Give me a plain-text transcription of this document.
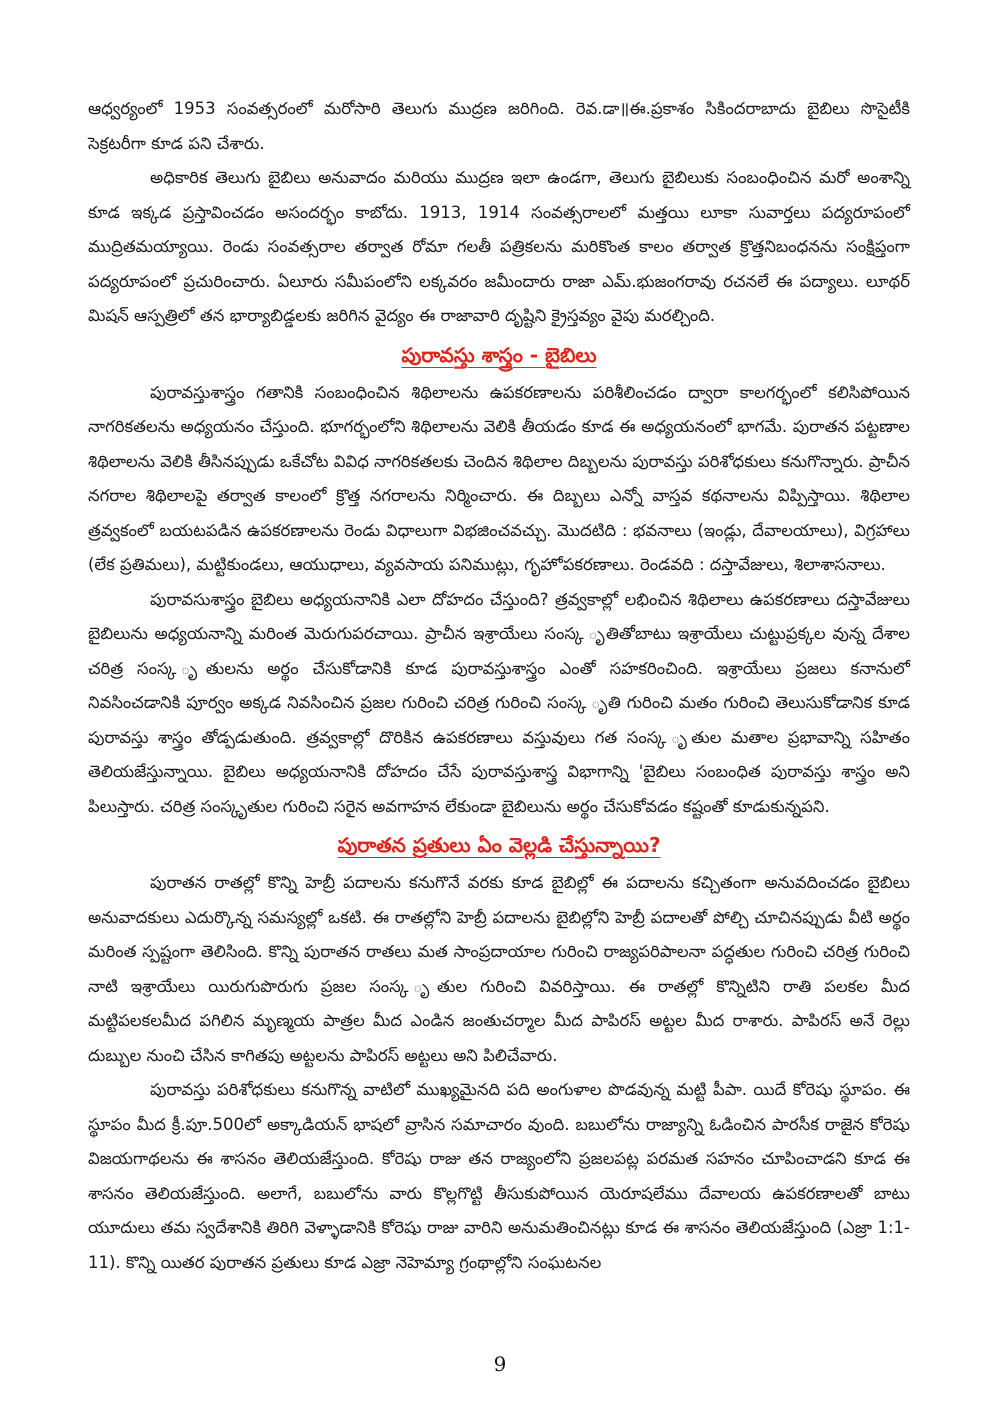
ఆధ్వర్యంలో 1953 సంవత్సరంలో మరోసారి తెలుగు ముద్రణ జరిగింది. రెవ.డా॥ఈ.ప్రకాశం సికిందరాబాదు బైబిలు సొసైటీకి సెక్రటరీగా కూడ పని చేశారు.

అధికారిక తెలుగు బైబిలు అనువాదం మరియు ముద్రణ ఇలా ఉండగా, తెలుగు బైబిలుకు సంబంధించిన మరో అంశాన్ని కూడ ఇక్కడ ప్రస్తావించడం అసందర్భం కాబోదు. 1913, 1914 సంవత్సరాలలో మత్తయి లూకా సువార్తలు పద్యరూపంలో ముద్రితమయ్యాయి. రెండు సంవత్సరాల తర్వాత రోమా గలతీ పత్రికలను మరికొంత కాలం తర్వాత క్రొత్తనిబంధనను సంక్షిప్తంగా పద్యరూపంలో ప్రచురించారు. ఏలూరు సమీపంలోని లక్కవరం జమీందారు రాజా ఎమ్.భుజంగరావు రచనలే ఈ పద్యాలు. లూథర్ మిషన్ ఆస్పత్రిలో తన భార్యాబిడ్డలకు జరిగిన వైద్యం ఈ రాజావారి దృష్టిని క్రైస్తవ్యం వైపు మరల్చింది.

పురావస్తు శాస్త్రం - బైబిలు

పురావస్తుశాస్త్రం గతానికి సంబంధించిన శిథిలాలను ఉపకరణాలను పరిశీలించడం ద్వారా కాలగర్భంలో కలిసిపోయిన నాగరికతలను అధ్యయనం చేస్తుంది. భూగర్భంలోని శిథిలాలను వెలికి తీయడం కూడ ఈ అధ్యయనంలో భాగమే. పురాతన పట్టణాల శిథిలాలను వెలికి తీసినప్పుడు ఒకేచోట వివిధ నాగరికతలకు చెందిన శిథిలాల దిబ్బలను పురావస్తు పరిశోధకులు కనుగొన్నారు. ప్రాచీన నగరాల శిథిలాలపై తర్వాత కాలంలో క్రొత్త నగరాలను నిర్మించారు. ఈ దిబ్బలు ఎన్నో వాస్తవ కథనాలను విప్పిస్తాయి. శిథిలాల త్రవ్వకంలో బయటపడిన ఉపకరణాలను రెండు విధాలుగా విభజించవచ్చు. మొదటిది : భవనాలు (ఇండ్లు, దేవాలయాలు), విగ్రహాలు (లేక ప్రతిమలు), మట్టికుండలు, ఆయుధాలు, వ్యవసాయ పనిముట్లు, గృహోపకరణాలు. రెండవది : దస్తావేజులు, శిలాశాసనాలు.

పురావసుశాస్త్రం బైబిలు అధ్యయనానికి ఎలా దోహదం చేస్తుంది? త్రవ్వకాల్లో లభించిన శిథిలాలు ఉపకరణాలు దస్తావేజులు బైబిలును అధ్యయనాన్ని మరింత మెరుగుపరచాయి. ప్రాచీన ఇశ్రాయేలు సంస్క ృతితోబాటు ఇశ్రాయేలు చుట్టుప్రక్కల వున్న దేశాల చరిత్ర సంస్క ృతులను అర్థం చేసుకోడానికి కూడ పురావస్తుశాస్త్రం ఎంతో సహకరించింది. ఇశ్రాయేలు ప్రజలు కనానులో నివసించడానికి పూర్వం అక్కడ నివసించిన ప్రజల గురించి చరిత్ర గురించి సంస్క ృతి గురించి మతం గురించి తెలుసుకోడానిక కూడ పురావస్తు శాస్త్రం తోడ్పడుతుంది. త్రవ్వకాల్లో దొరికిన ఉపకరణాలు వస్తువులు గత సంస్క ృతుల మతాల ప్రభావాన్ని సహితం తెలియజేస్తున్నాయి. బైబిలు అధ్యయనానికి దోహదం చేసే పురావస్తుశాస్త్ర విభాగాన్ని 'బైబిలు సంబంధిత పురావస్తు శాస్త్రం అని పిలుస్తారు. చరిత్ర సంస్కృతుల గురించి సరైన అవగాహన లేకుండా బైబిలును అర్థం చేసుకోవడం కష్టంతో కూడుకున్నపని.

పురాతన ప్రతులు ఏం వెల్లడి చేస్తున్నాయి?

పురాతన రాతల్లో కొన్ని హెబ్రీ పదాలను కనుగొనే వరకు కూడ బైబిల్లో ఈ పదాలను కచ్చితంగా అనువదించడం బైబిలు అనువాదకులు ఎదుర్కొన్న సమస్యల్లో ఒకటి. ఈ రాతల్లోని హెబ్రీ పదాలను బైబిల్లోని హెబ్రీ పదాలతో పోల్చి చూచినప్పుడు వీటి అర్థం మరింత స్పష్టంగా తెలిసింది. కొన్ని పురాతన రాతలు మత సాంప్రదాయాల గురించి రాజ్యపరిపాలనా పద్ధతుల గురించి చరిత్ర గురించి నాటి ఇశ్రాయేలు యిరుగుపొరుగు ప్రజల సంస్క ృతుల గురించి వివరిస్తాయి. ఈ రాతల్లో కొన్నిటిని రాతి పలకల మీద మట్టిపలకలమీద పగిలిన మృణ్మయ పాత్రల మీద ఎండిన జంతుచర్మాల మీద పాపిరస్ అట్టల మీద రాశారు. పాపిరస్ అనే రెల్లు దుబ్బుల నుంచి చేసిన కాగితపు అట్టలను పాపిరస్ అట్టలు అని పిలిచేవారు.

పురావస్తు పరిశోధకులు కనుగొన్న వాటిలో ముఖ్యమైనది పది అంగుళాల పొడవున్న మట్టి పీపా. యిదే కోరెషు స్థూపం. ఈ స్థూపం మీద క్రీ.పూ.500లో అక్కాడియన్ భాషలో వ్రాసిన సమాచారం వుంది. బబులోను రాజ్యాన్ని ఓడించిన పారసీక రాజైన కోరెషు విజయగాథలను ఈ శాసనం తెలియజేస్తుంది. కోరెషు రాజు తన రాజ్యంలోని ప్రజలపట్ల పరమత సహనం చూపించాడని కూడ ఈ శాసనం తెలియజేస్తుంది. అలాగే, బబులోను వారు కొల్లగొట్టి తీసుకుపోయిన యెరూషలేము దేవాలయ ఉపకరణాలతో బాటు యూదులు తమ స్వదేశానికి తిరిగి వెళ్ళాడానికి కోరెషు రాజు వారిని అనుమతించినట్లు కూడ ఈ శాసనం తెలియజేస్తుంది (ఎజ్రా 1:1-11). కొన్ని యితర పురాతన ప్రతులు కూడ ఎజ్రా నెహెమ్యా గ్రంథాల్లోని సంఘటనల

9
